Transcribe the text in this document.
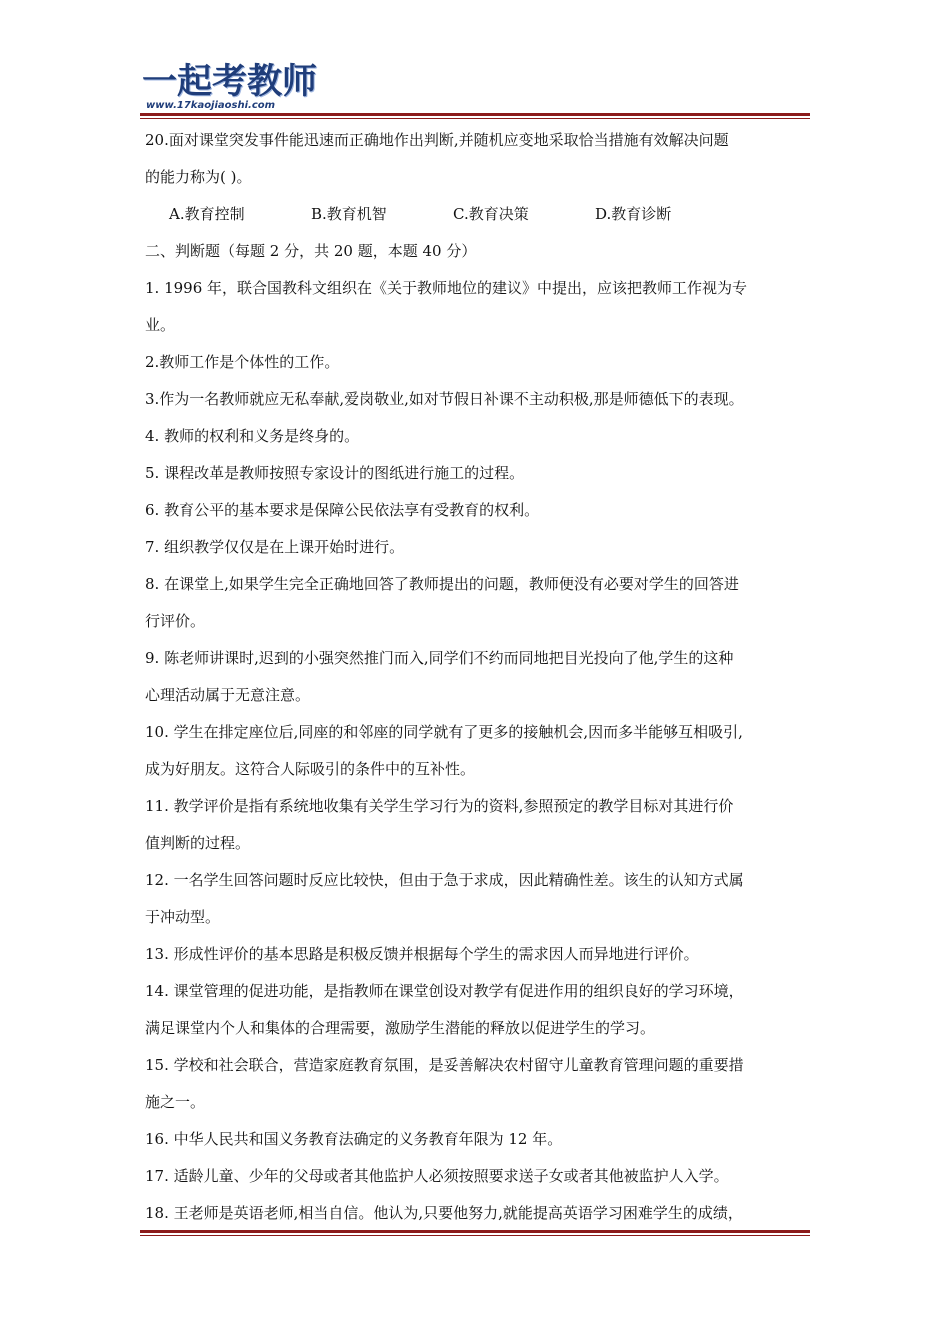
一起考教师
www.17kaojiaoshi.com
20.面对课堂突发事件能迅速而正确地作出判断,并随机应变地采取恰当措施有效解决问题
的能力称为( )。
A.教育控制	B.教育机智	C.教育决策	D.教育诊断
二、判断题（每题 2 分，共 20 题，本题 40 分）
1. 1996 年，联合国教科文组织在《关于教师地位的建议》中提出，应该把教师工作视为专
业。
2.教师工作是个体性的工作。
3.作为一名教师就应无私奉献,爱岗敬业,如对节假日补课不主动积极,那是师德低下的表现。
4. 教师的权利和义务是终身的。
5. 课程改革是教师按照专家设计的图纸进行施工的过程。
6. 教育公平的基本要求是保障公民依法享有受教育的权利。
7. 组织教学仅仅是在上课开始时进行。
8. 在课堂上,如果学生完全正确地回答了教师提出的问题，教师便没有必要对学生的回答进
行评价。
9. 陈老师讲课时,迟到的小强突然推门而入,同学们不约而同地把目光投向了他,学生的这种
心理活动属于无意注意。
10. 学生在排定座位后,同座的和邻座的同学就有了更多的接触机会,因而多半能够互相吸引,
成为好朋友。这符合人际吸引的条件中的互补性。
11. 教学评价是指有系统地收集有关学生学习行为的资料,参照预定的教学目标对其进行价
值判断的过程。
12. 一名学生回答问题时反应比较快，但由于急于求成，因此精确性差。该生的认知方式属
于冲动型。
13. 形成性评价的基本思路是积极反馈并根据每个学生的需求因人而异地进行评价。
14. 课堂管理的促进功能，是指教师在课堂创设对教学有促进作用的组织良好的学习环境，
满足课堂内个人和集体的合理需要，激励学生潜能的释放以促进学生的学习。
15. 学校和社会联合，营造家庭教育氛围，是妥善解决农村留守儿童教育管理问题的重要措
施之一。
16. 中华人民共和国义务教育法确定的义务教育年限为 12 年。
17. 适龄儿童、少年的父母或者其他监护人必须按照要求送子女或者其他被监护人入学。
18. 王老师是英语老师,相当自信。他认为,只要他努力,就能提高英语学习困难学生的成绩，
